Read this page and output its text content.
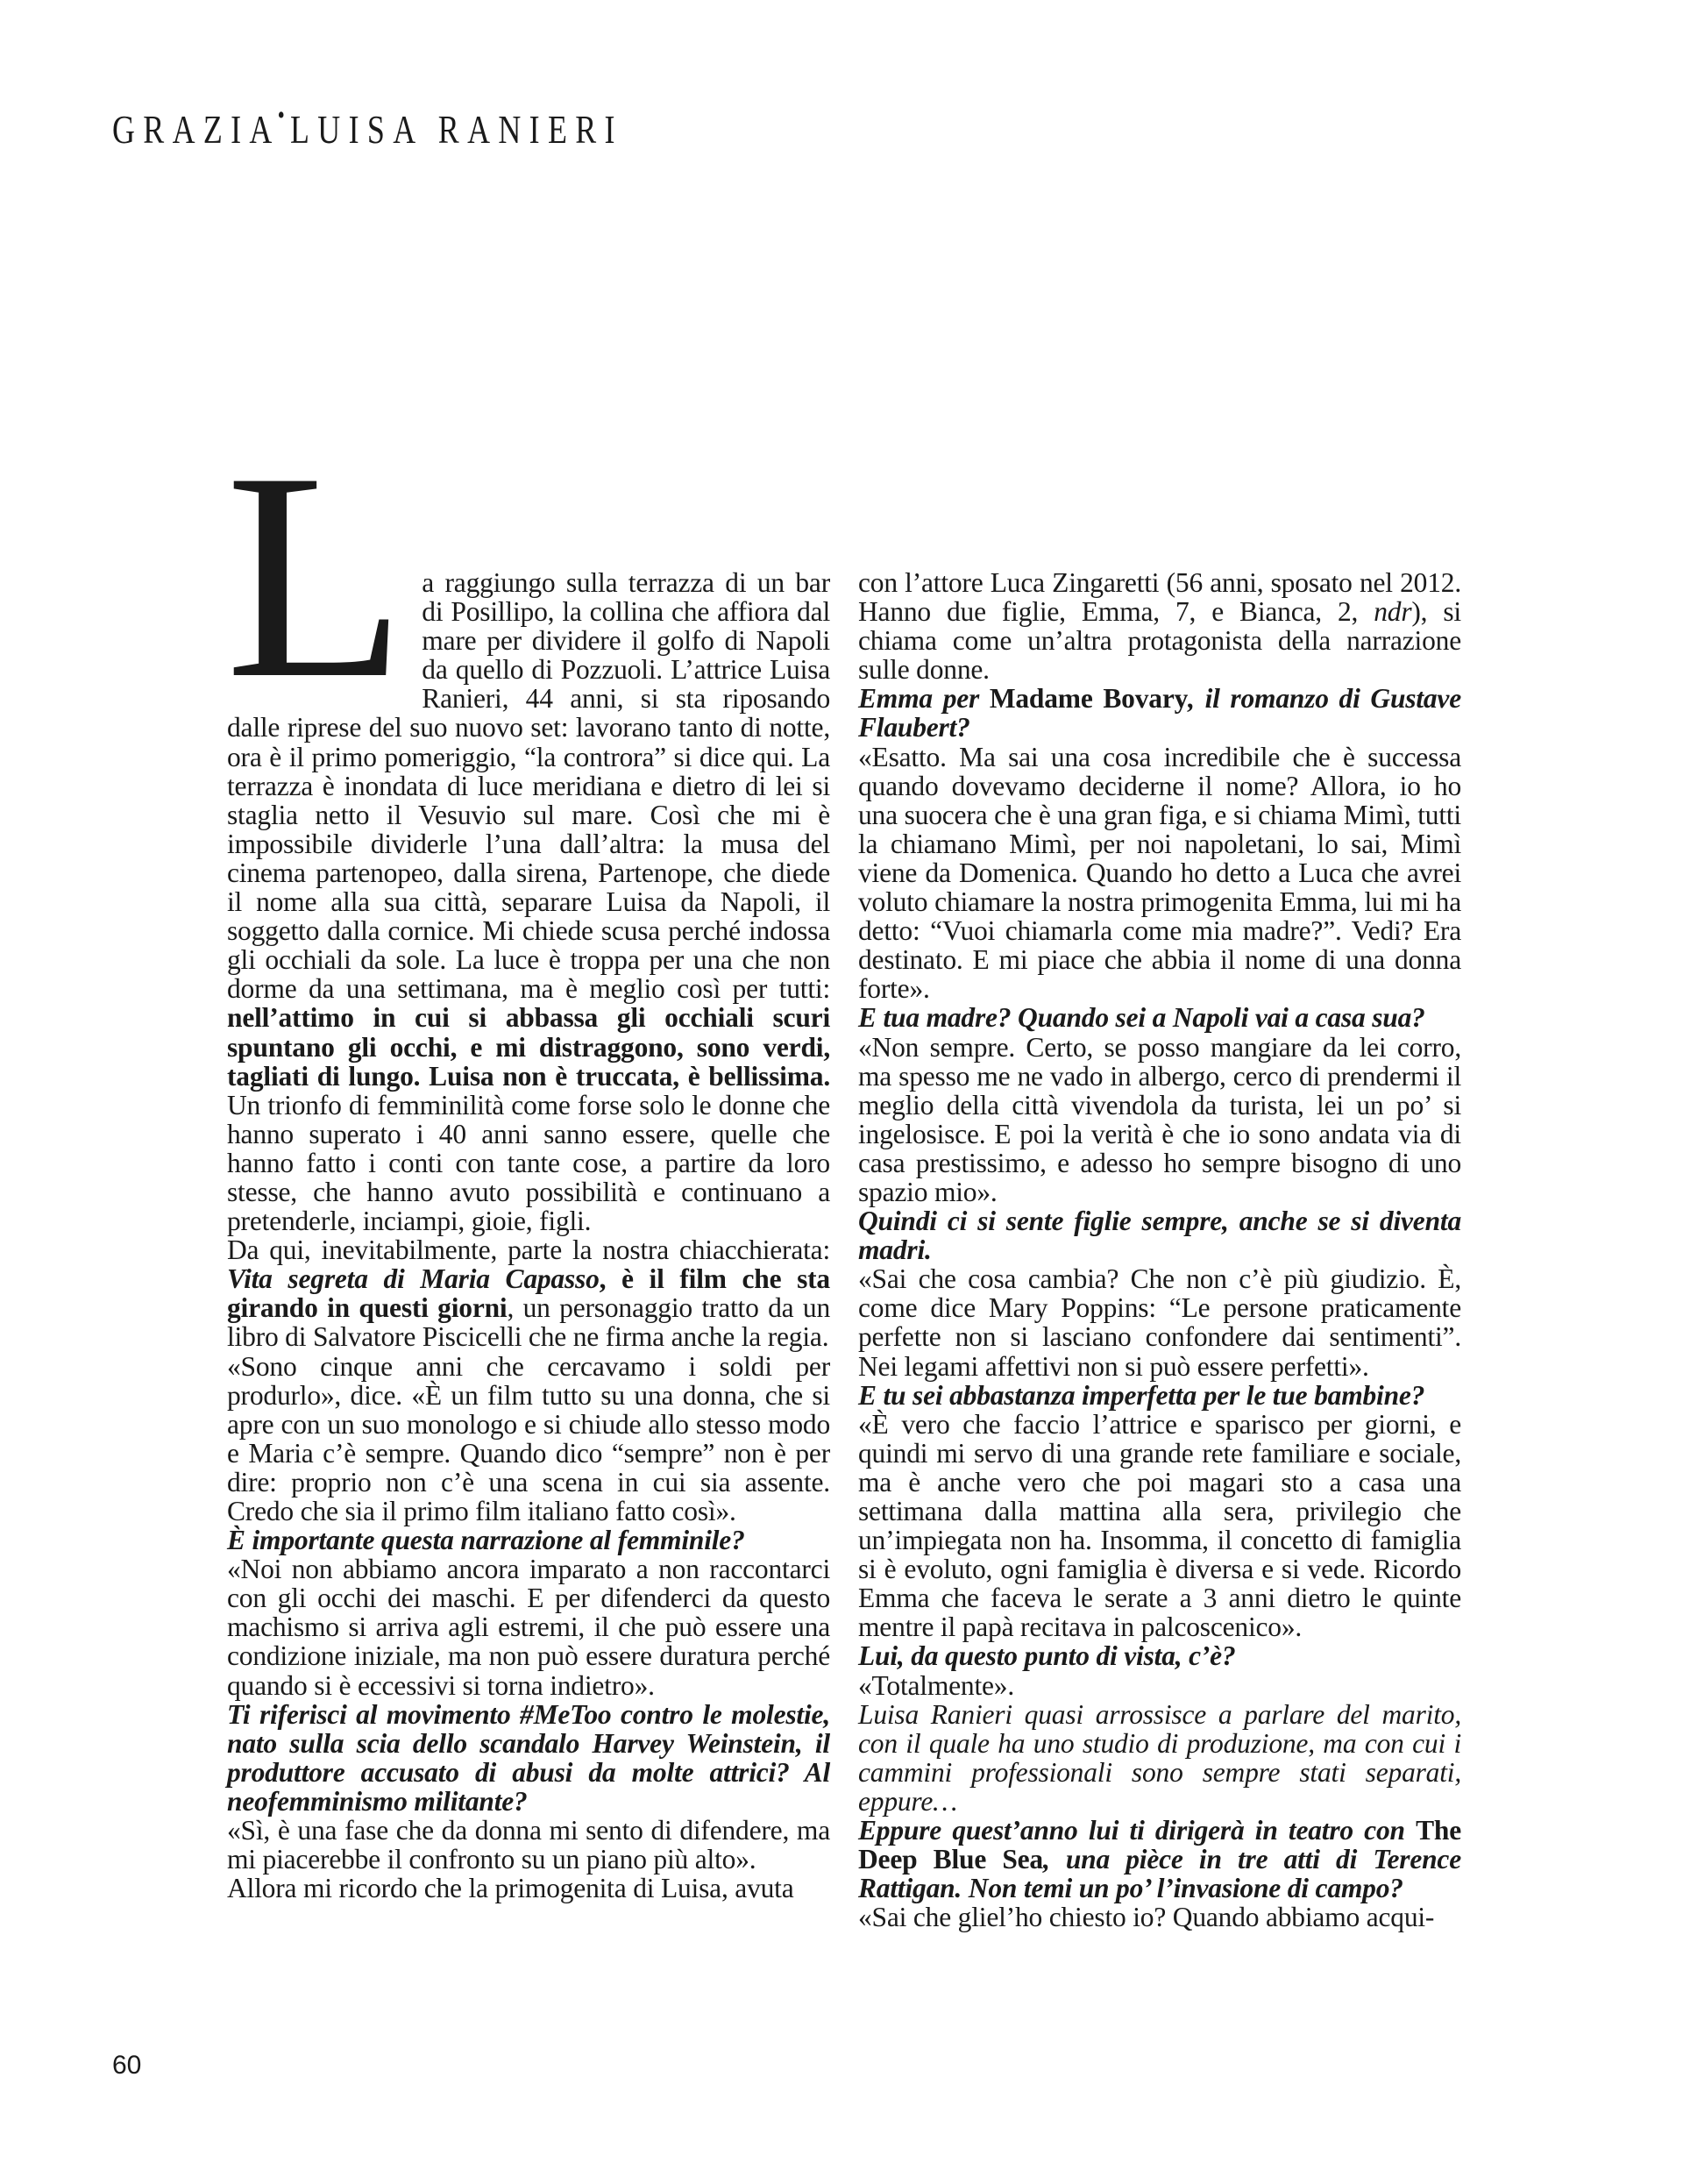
GRAZIA• LUISA RANIERI

La raggiungo sulla terrazza di un bar di Posillipo, la collina che affiora dal mare per dividere il golfo di Napoli da quello di Pozzuoli. L’attrice Luisa Ranieri, 44 anni, si sta riposando dalle riprese del suo nuovo set: lavorano tanto di notte, ora è il primo pomeriggio, “la controra” si dice qui. La terrazza è inondata di luce meridiana e dietro di lei si staglia netto il Vesuvio sul mare. Così che mi è impossibile dividerle l’una dall’altra: la musa del cinema partenopeo, dalla sirena, Partenope, che diede il nome alla sua città, separare Luisa da Napoli, il soggetto dalla cornice. Mi chiede scusa perché indossa gli occhiali da sole. La luce è troppa per una che non dorme da una settimana, ma è meglio così per tutti: nell’attimo in cui si abbassa gli occhiali scuri spuntano gli occhi, e mi distraggono, sono verdi, tagliati di lungo. Luisa non è truccata, è bellissima. Un trionfo di femminilità come forse solo le donne che hanno superato i 40 anni sanno essere, quelle che hanno fatto i conti con tante cose, a partire da loro stesse, che hanno avuto possibilità e continuano a pretenderle, inciampi, gioie, figli.

Da qui, inevitabilmente, parte la nostra chiacchierata: Vita segreta di Maria Capasso, è il film che sta girando in questi giorni, un personaggio tratto da un libro di Salvatore Piscicelli che ne firma anche la regia.

«Sono cinque anni che cercavamo i soldi per produrlo», dice. «È un film tutto su una donna, che si apre con un suo monologo e si chiude allo stesso modo e Maria c’è sempre. Quando dico “sempre” non è per dire: proprio non c’è una scena in cui sia assente. Credo che sia il primo film italiano fatto così».

È importante questa narrazione al femminile?

«Noi non abbiamo ancora imparato a non raccontarci con gli occhi dei maschi. E per difenderci da questo machismo si arriva agli estremi, il che può essere una condizione iniziale, ma non può essere duratura perché quando si è eccessivi si torna indietro».

Ti riferisci al movimento #MeToo contro le molestie, nato sulla scia dello scandalo Harvey Weinstein, il produttore accusato di abusi da molte attrici? Al neofemminismo militante?

«Sì, è una fase che da donna mi sento di difendere, ma mi piacerebbe il confronto su un piano più alto».

Allora mi ricordo che la primogenita di Luisa, avuta

con l’attore Luca Zingaretti (56 anni, sposato nel 2012. Hanno due figlie, Emma, 7, e Bianca, 2, ndr), si chiama come un’altra protagonista della narrazione sulle donne.

Emma per Madame Bovary, il romanzo di Gustave Flaubert?

«Esatto. Ma sai una cosa incredibile che è successa quando dovevamo deciderne il nome? Allora, io ho una suocera che è una gran figa, e si chiama Mimì, tutti la chiamano Mimì, per noi napoletani, lo sai, Mimì viene da Domenica. Quando ho detto a Luca che avrei voluto chiamare la nostra primogenita Emma, lui mi ha detto: “Vuoi chiamarla come mia madre?”. Vedi? Era destinato. E mi piace che abbia il nome di una donna forte».

E tua madre? Quando sei a Napoli vai a casa sua?

«Non sempre. Certo, se posso mangiare da lei corro, ma spesso me ne vado in albergo, cerco di prendermi il meglio della città vivendola da turista, lei un po’ si ingelosisce. E poi la verità è che io sono andata via di casa prestissimo, e adesso ho sempre bisogno di uno spazio mio».

Quindi ci si sente figlie sempre, anche se si diventa madri.

«Sai che cosa cambia? Che non c’è più giudizio. È, come dice Mary Poppins: “Le persone praticamente perfette non si lasciano confondere dai sentimenti”. Nei legami affettivi non si può essere perfetti».

E tu sei abbastanza imperfetta per le tue bambine?

«È vero che faccio l’attrice e sparisco per giorni, e quindi mi servo di una grande rete familiare e sociale, ma è anche vero che poi magari sto a casa una settimana dalla mattina alla sera, privilegio che un’impiegata non ha. Insomma, il concetto di famiglia si è evoluto, ogni famiglia è diversa e si vede. Ricordo Emma che faceva le serate a 3 anni dietro le quinte mentre il papà recitava in palcoscenico».

Lui, da questo punto di vista, c’è?

«Totalmente».

Luisa Ranieri quasi arrossisce a parlare del marito, con il quale ha uno studio di produzione, ma con cui i cammini professionali sono sempre stati separati, eppure…

Eppure quest’anno lui ti dirigerà in teatro con The Deep Blue Sea, una pièce in tre atti di Terence Rattigan. Non temi un po’ l’invasione di campo?

«Sai che gliel’ho chiesto io? Quando abbiamo acqui-

60
